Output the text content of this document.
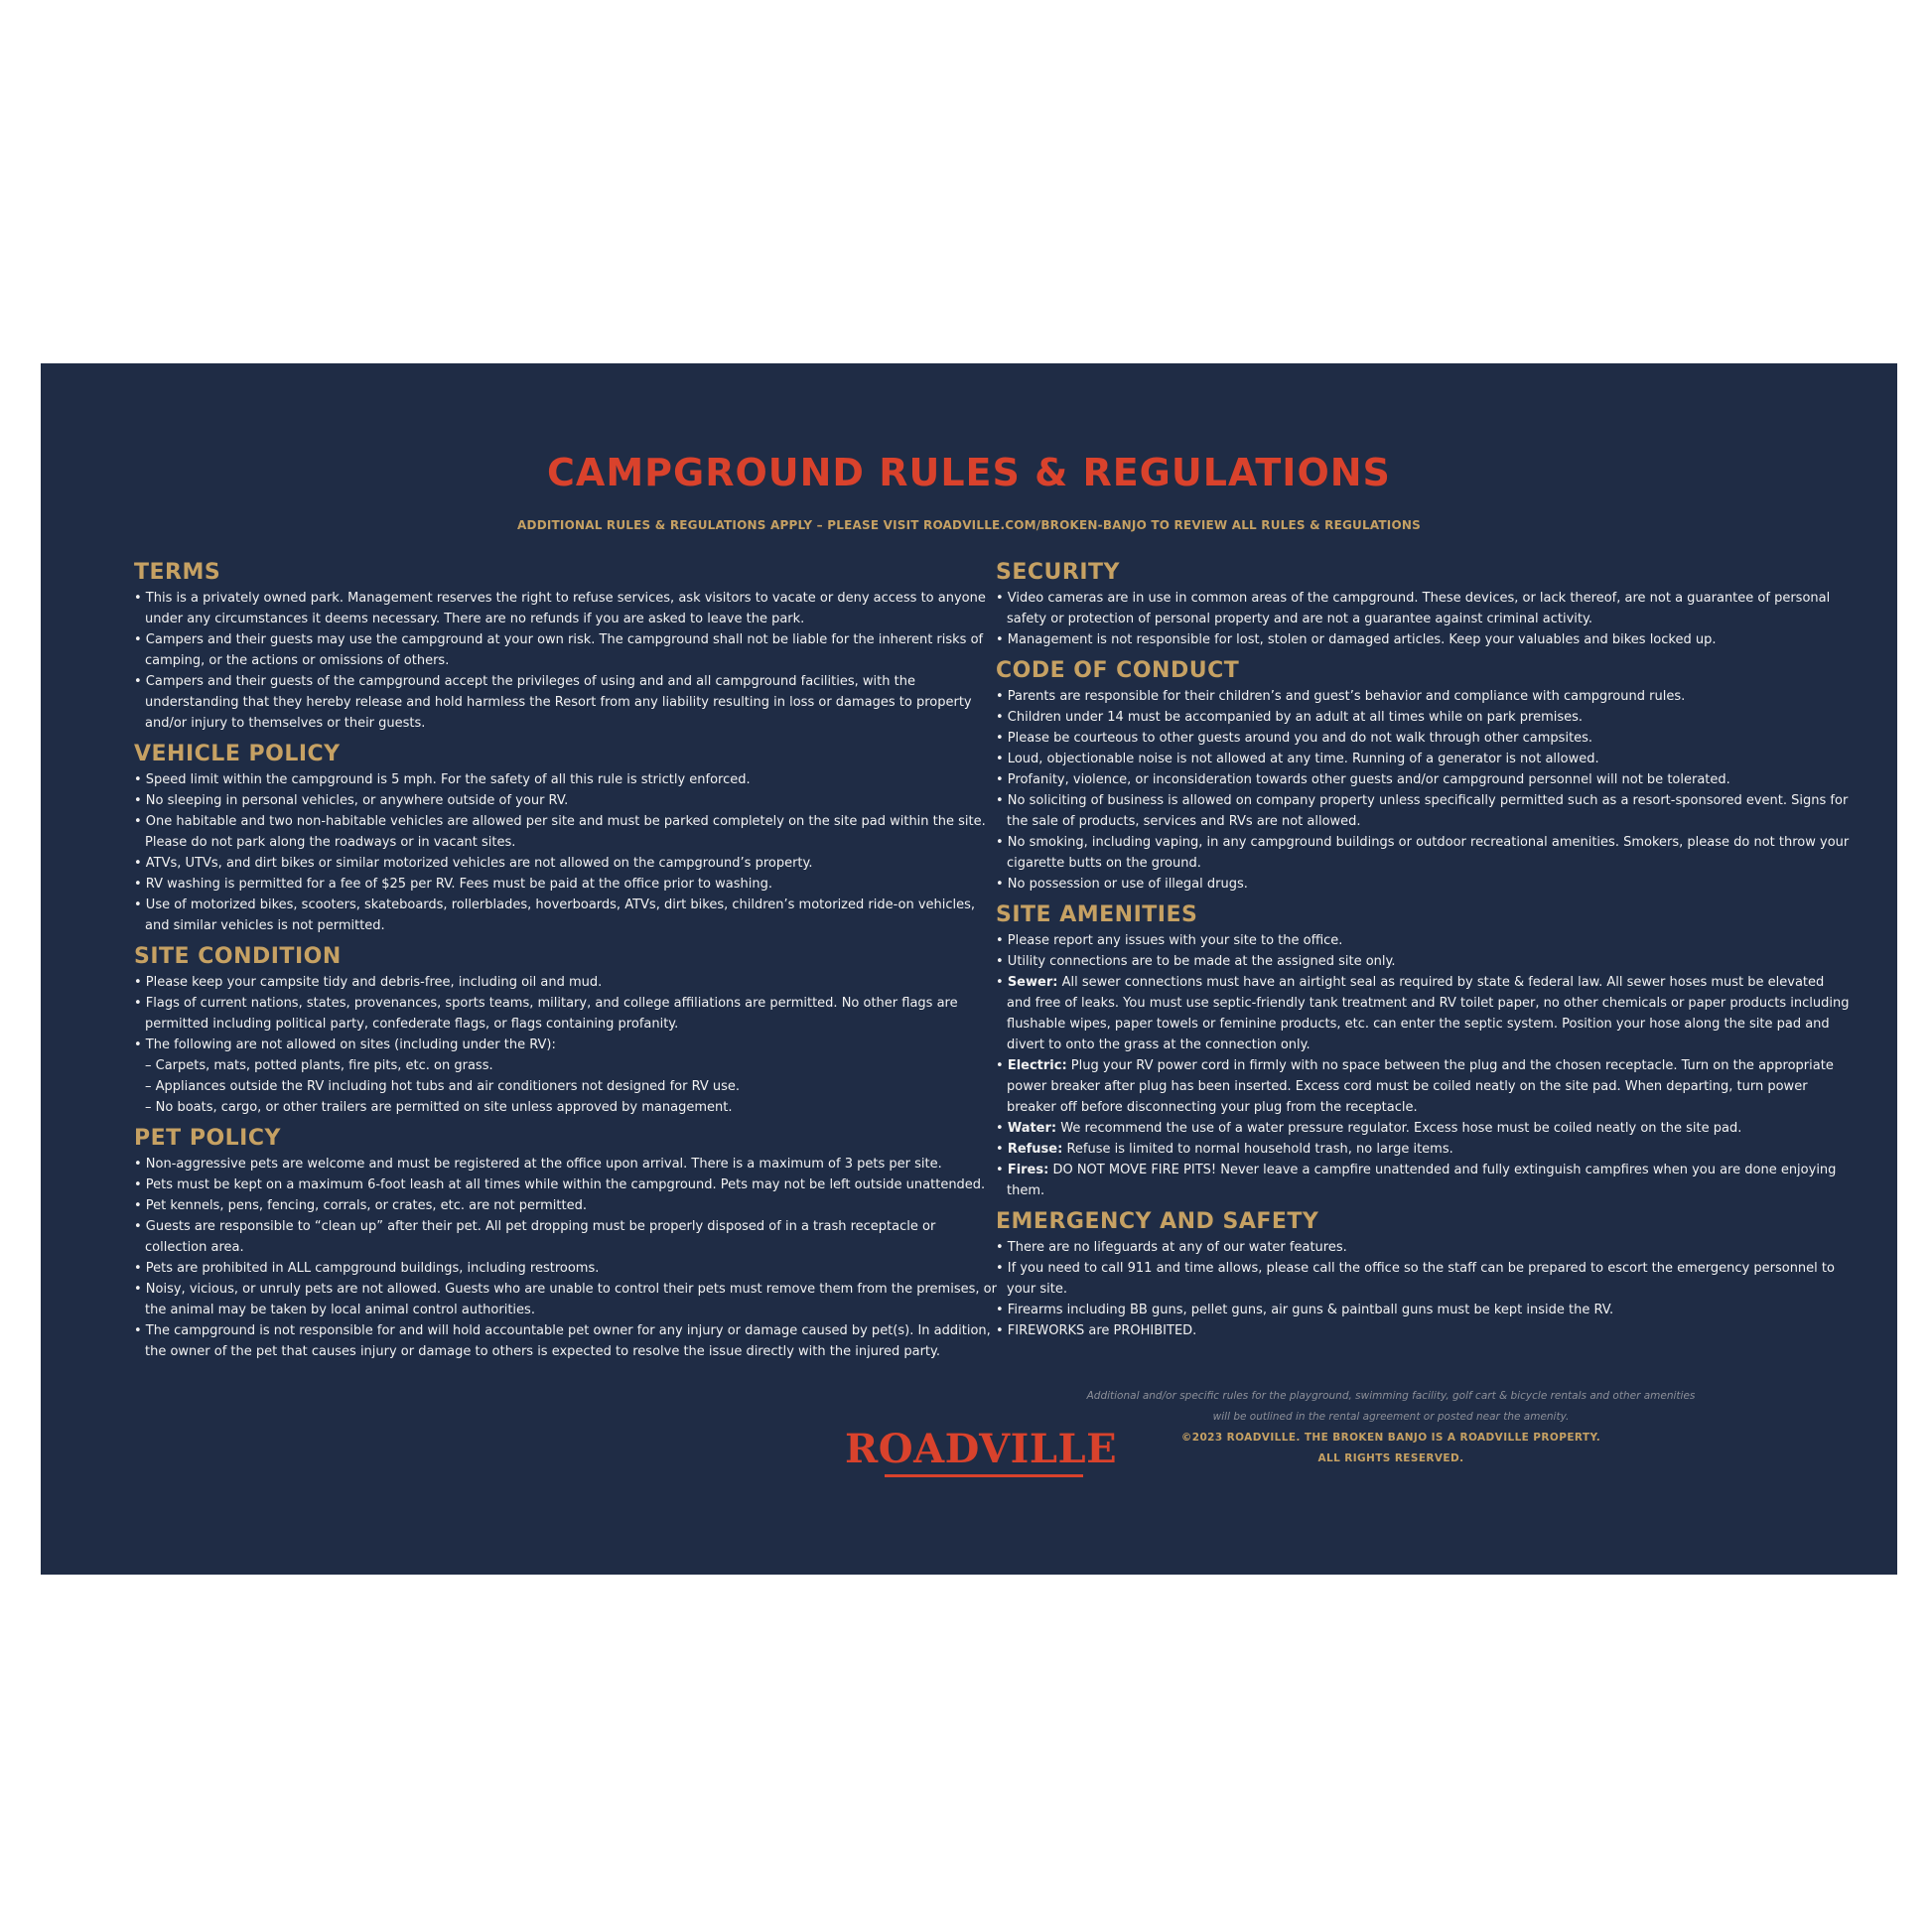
CAMPGROUND RULES & REGULATIONS

ADDITIONAL RULES & REGULATIONS APPLY – PLEASE VISIT ROADVILLE.COM/BROKEN-BANJO TO REVIEW ALL RULES & REGULATIONS

TERMS
• This is a privately owned park. Management reserves the right to refuse services, ask visitors to vacate or deny access to anyone under any circumstances it deems necessary. There are no refunds if you are asked to leave the park.
• Campers and their guests may use the campground at your own risk. The campground shall not be liable for the inherent risks of camping, or the actions or omissions of others.
• Campers and their guests of the campground accept the privileges of using and and all campground facilities, with the understanding that they hereby release and hold harmless the Resort from any liability resulting in loss or damages to property and/or injury to themselves or their guests.
VEHICLE POLICY
• Speed limit within the campground is 5 mph. For the safety of all this rule is strictly enforced.
• No sleeping in personal vehicles, or anywhere outside of your RV.
• One habitable and two non-habitable vehicles are allowed per site and must be parked completely on the site pad within the site. Please do not park along the roadways or in vacant sites.
• ATVs, UTVs, and dirt bikes or similar motorized vehicles are not allowed on the campground’s property.
• RV washing is permitted for a fee of $25 per RV. Fees must be paid at the office prior to washing.
• Use of motorized bikes, scooters, skateboards, rollerblades, hoverboards, ATVs, dirt bikes, children’s motorized ride-on vehicles, and similar vehicles is not permitted.
SITE CONDITION
• Please keep your campsite tidy and debris-free, including oil and mud.
• Flags of current nations, states, provenances, sports teams, military, and college affiliations are permitted. No other flags are permitted including political party, confederate flags, or flags containing profanity.
• The following are not allowed on sites (including under the RV):
– Carpets, mats, potted plants, fire pits, etc. on grass.
– Appliances outside the RV including hot tubs and air conditioners not designed for RV use.
– No boats, cargo, or other trailers are permitted on site unless approved by management.
PET POLICY
• Non-aggressive pets are welcome and must be registered at the office upon arrival. There is a maximum of 3 pets per site.
• Pets must be kept on a maximum 6-foot leash at all times while within the campground. Pets may not be left outside unattended.
• Pet kennels, pens, fencing, corrals, or crates, etc. are not permitted.
• Guests are responsible to “clean up” after their pet. All pet dropping must be properly disposed of in a trash receptacle or collection area.
• Pets are prohibited in ALL campground buildings, including restrooms.
• Noisy, vicious, or unruly pets are not allowed. Guests who are unable to control their pets must remove them from the premises, or the animal may be taken by local animal control authorities.
• The campground is not responsible for and will hold accountable pet owner for any injury or damage caused by pet(s). In addition, the owner of the pet that causes injury or damage to others is expected to resolve the issue directly with the injured party.
SECURITY
• Video cameras are in use in common areas of the campground. These devices, or lack thereof, are not a guarantee of personal safety or protection of personal property and are not a guarantee against criminal activity.
• Management is not responsible for lost, stolen or damaged articles. Keep your valuables and bikes locked up.
CODE OF CONDUCT
• Parents are responsible for their children’s and guest’s behavior and compliance with campground rules.
• Children under 14 must be accompanied by an adult at all times while on park premises.
• Please be courteous to other guests around you and do not walk through other campsites.
• Loud, objectionable noise is not allowed at any time. Running of a generator is not allowed.
• Profanity, violence, or inconsideration towards other guests and/or campground personnel will not be tolerated.
• No soliciting of business is allowed on company property unless specifically permitted such as a resort-sponsored event. Signs for the sale of products, services and RVs are not allowed.
• No smoking, including vaping, in any campground buildings or outdoor recreational amenities. Smokers, please do not throw your cigarette butts on the ground.
• No possession or use of illegal drugs.
SITE AMENITIES
• Please report any issues with your site to the office.
• Utility connections are to be made at the assigned site only.
• Sewer: All sewer connections must have an airtight seal as required by state & federal law. All sewer hoses must be elevated and free of leaks. You must use septic-friendly tank treatment and RV toilet paper, no other chemicals or paper products including flushable wipes, paper towels or feminine products, etc. can enter the septic system. Position your hose along the site pad and divert to onto the grass at the connection only.
• Electric: Plug your RV power cord in firmly with no space between the plug and the chosen receptacle. Turn on the appropriate power breaker after plug has been inserted. Excess cord must be coiled neatly on the site pad. When departing, turn power breaker off before disconnecting your plug from the receptacle.
• Water: We recommend the use of a water pressure regulator. Excess hose must be coiled neatly on the site pad.
• Refuse: Refuse is limited to normal household trash, no large items.
• Fires: DO NOT MOVE FIRE PITS! Never leave a campfire unattended and fully extinguish campfires when you are done enjoying them.
EMERGENCY AND SAFETY
• There are no lifeguards at any of our water features.
• If you need to call 911 and time allows, please call the office so the staff can be prepared to escort the emergency personnel to your site.
• Firearms including BB guns, pellet guns, air guns & paintball guns must be kept inside the RV.
• FIREWORKS are PROHIBITED.
ROADVILLE

Additional and/or specific rules for the playground, swimming facility, golf cart & bicycle rentals and other amenities

will be outlined in the rental agreement or posted near the amenity.

©2023 ROADVILLE. THE BROKEN BANJO IS A ROADVILLE PROPERTY.

ALL RIGHTS RESERVED.
